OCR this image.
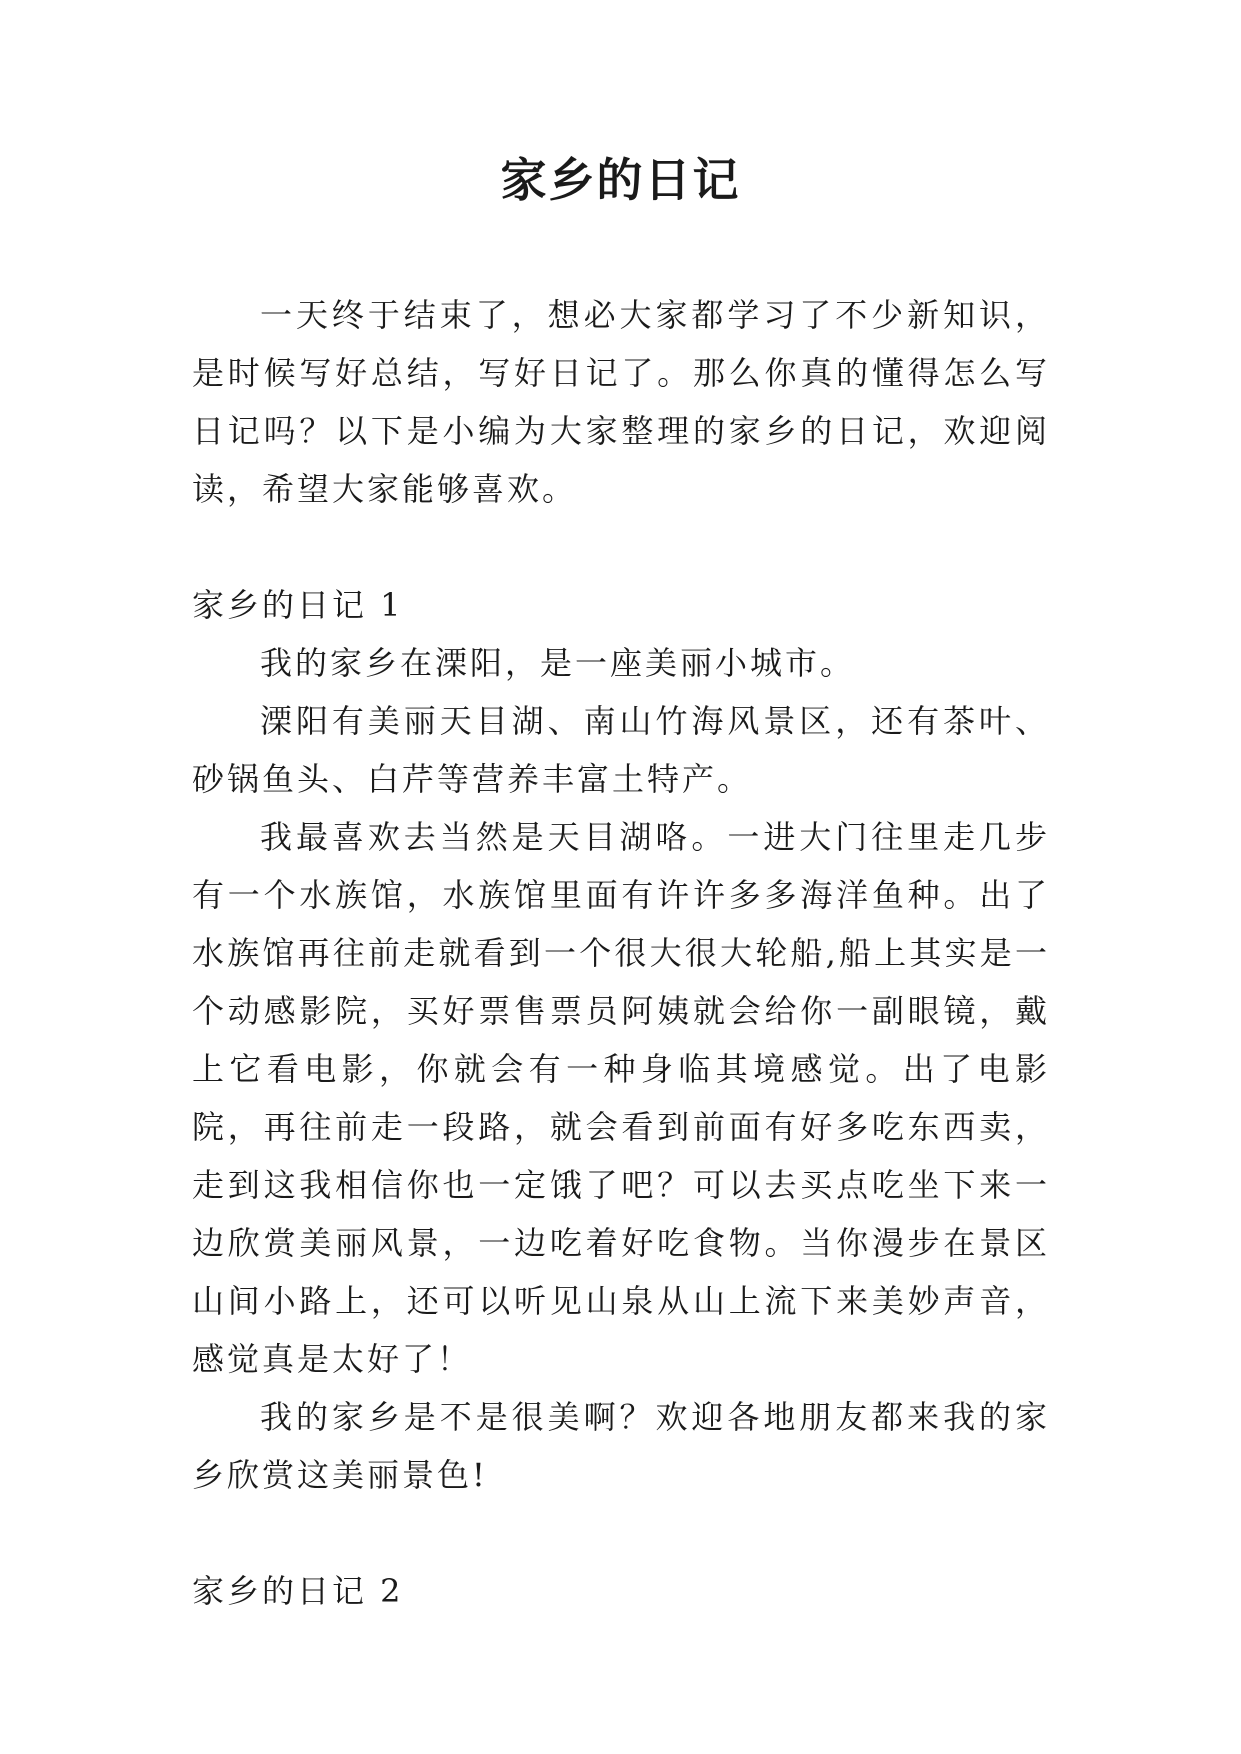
家乡的日记

一天终于结束了，想必大家都学习了不少新知识，是时候写好总结，写好日记了。那么你真的懂得怎么写日记吗？以下是小编为大家整理的家乡的日记，欢迎阅读，希望大家能够喜欢。

家乡的日记 1

我的家乡在溧阳，是一座美丽小城市。

溧阳有美丽天目湖、南山竹海风景区，还有茶叶、砂锅鱼头、白芹等营养丰富土特产。

我最喜欢去当然是天目湖咯。一进大门往里走几步有一个水族馆，水族馆里面有许许多多海洋鱼种。出了水族馆再往前走就看到一个很大很大轮船,船上其实是一个动感影院，买好票售票员阿姨就会给你一副眼镜，戴上它看电影，你就会有一种身临其境感觉。出了电影院，再往前走一段路，就会看到前面有好多吃东西卖，走到这我相信你也一定饿了吧？可以去买点吃坐下来一边欣赏美丽风景，一边吃着好吃食物。当你漫步在景区山间小路上，还可以听见山泉从山上流下来美妙声音，感觉真是太好了！

我的家乡是不是很美啊？欢迎各地朋友都来我的家乡欣赏这美丽景色!

家乡的日记 2
